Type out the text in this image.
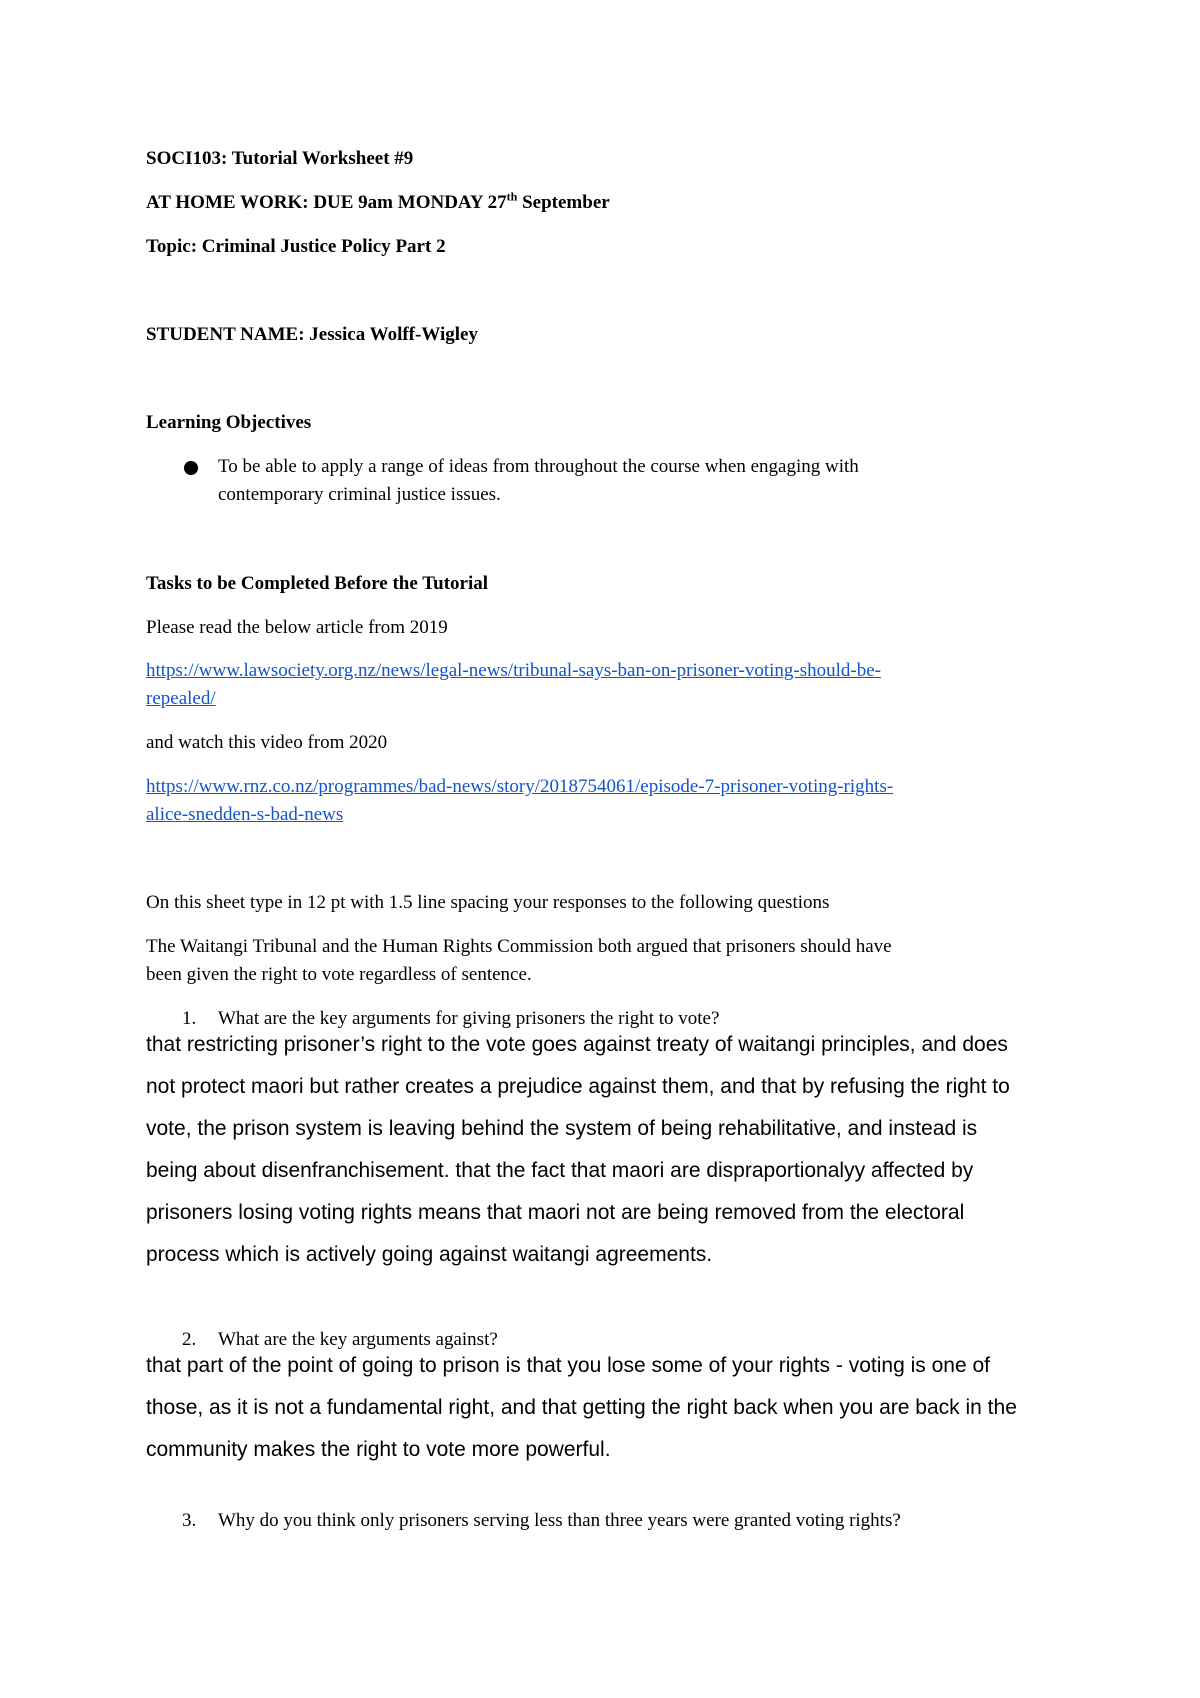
SOCI103: Tutorial Worksheet #9
AT HOME WORK: DUE 9am MONDAY 27th September
Topic: Criminal Justice Policy Part 2
STUDENT NAME: Jessica Wolff-Wigley
Learning Objectives
To be able to apply a range of ideas from throughout the course when engaging with
contemporary criminal justice issues.
Tasks to be Completed Before the Tutorial
Please read the below article from 2019
https://www.lawsociety.org.nz/news/legal-news/tribunal-says-ban-on-prisoner-voting-should-be-
repealed/
and watch this video from 2020
https://www.rnz.co.nz/programmes/bad-news/story/2018754061/episode-7-prisoner-voting-rights-
alice-snedden-s-bad-news
On this sheet type in 12 pt with 1.5 line spacing your responses to the following questions
The Waitangi Tribunal and the Human Rights Commission both argued that prisoners should have
been given the right to vote regardless of sentence.
1. What are the key arguments for giving prisoners the right to vote?
that restricting prisoner’s right to the vote goes against treaty of waitangi principles, and does
not protect maori but rather creates a prejudice against them, and that by refusing the right to
vote, the prison system is leaving behind the system of being rehabilitative, and instead is
being about disenfranchisement. that the fact that maori are dispraportionalyy affected by
prisoners losing voting rights means that maori not are being removed from the electoral
process which is actively going against waitangi agreements.
2. What are the key arguments against?
that part of the point of going to prison is that you lose some of your rights - voting is one of
those, as it is not a fundamental right, and that getting the right back when you are back in the
community makes the right to vote more powerful.
3. Why do you think only prisoners serving less than three years were granted voting rights?
